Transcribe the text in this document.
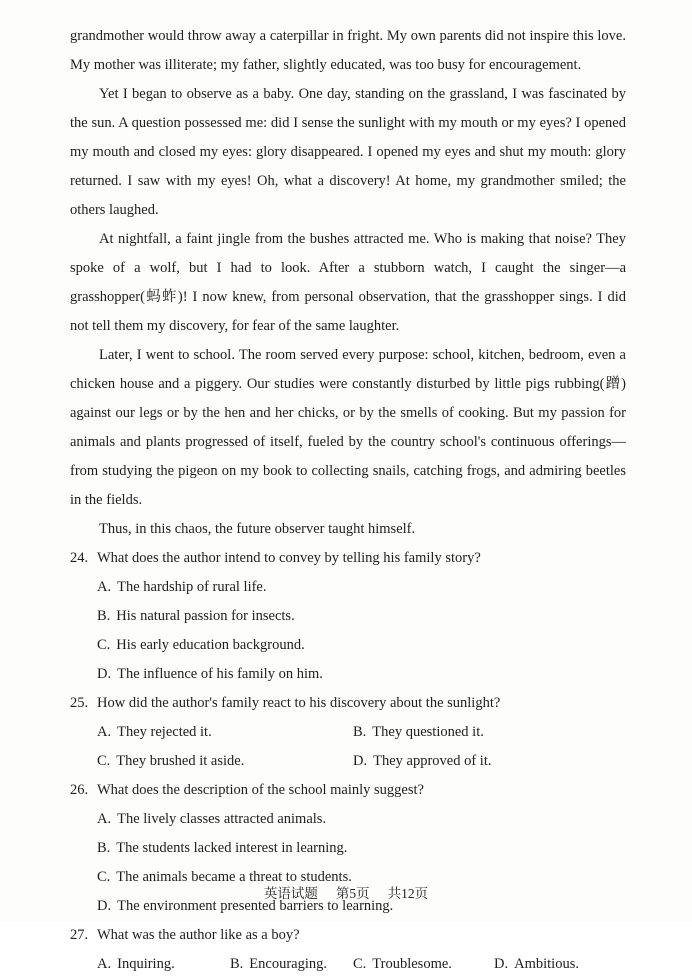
grandmother would throw away a caterpillar in fright. My own parents did not inspire this love. My mother was illiterate; my father, slightly educated, was too busy for encouragement.

Yet I began to observe as a baby. One day, standing on the grassland, I was fascinated by the sun. A question possessed me: did I sense the sunlight with my mouth or my eyes? I opened my mouth and closed my eyes: glory disappeared. I opened my eyes and shut my mouth: glory returned. I saw with my eyes! Oh, what a discovery! At home, my grandmother smiled; the others laughed.

At nightfall, a faint jingle from the bushes attracted me. Who is making that noise? They spoke of a wolf, but I had to look. After a stubborn watch, I caught the singer—a grasshopper(蚂蚱)! I now knew, from personal observation, that the grasshopper sings. I did not tell them my discovery, for fear of the same laughter.

Later, I went to school. The room served every purpose: school, kitchen, bedroom, even a chicken house and a piggery. Our studies were constantly disturbed by little pigs rubbing(蹭) against our legs or by the hen and her chicks, or by the smells of cooking. But my passion for animals and plants progressed of itself, fueled by the country school's continuous offerings—from studying the pigeon on my book to collecting snails, catching frogs, and admiring beetles in the fields.

Thus, in this chaos, the future observer taught himself.

24. What does the author intend to convey by telling his family story?
A. The hardship of rural life.
B. His natural passion for insects.
C. His early education background.
D. The influence of his family on him.
25. How did the author's family react to his discovery about the sunlight?
A. They rejected it.	B. They questioned it.
C. They brushed it aside.	D. They approved of it.
26. What does the description of the school mainly suggest?
A. The lively classes attracted animals.
B. The students lacked interest in learning.
C. The animals became a threat to students.
D. The environment presented barriers to learning.
27. What was the author like as a boy?
A. Inquiring.	B. Encouraging.	C. Troublesome.	D. Ambitious.
英语试题 第5页 共12页
